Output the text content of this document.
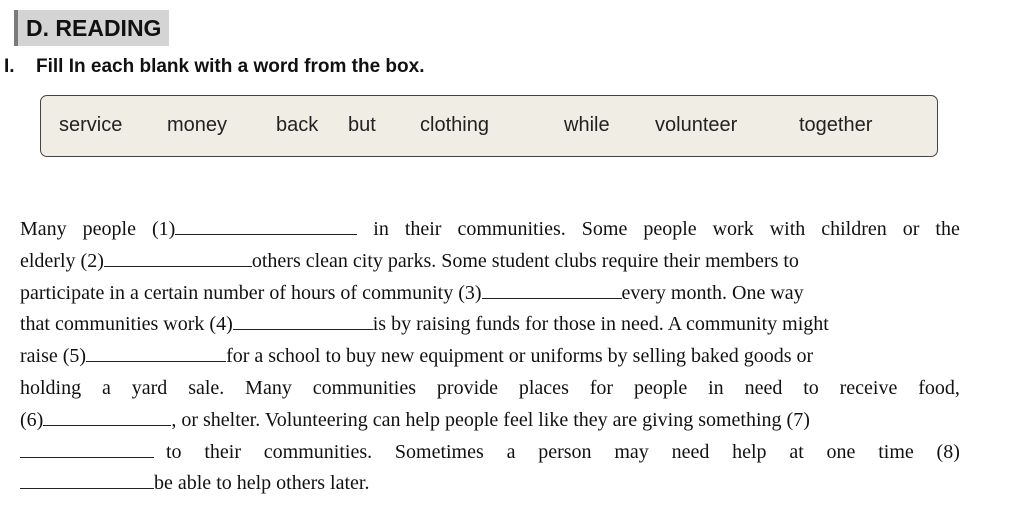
D. READING
I. Fill In each blank with a word from the box.
service money back but clothing	while volunteer	together
Many people (1)	in their communities. Some people work with children or the
elderly (2)	others clean city parks. Some student clubs require their members to
participate in a certain number of hours of community (3)	every month. One way
that communities work (4)	is by raising funds for those in need. A community might
raise (5)	for a school to buy new equipment or uniforms by selling baked goods or
holding a yard sale. Many communities provide places for people in need to receive food,
(6)	, or shelter. Volunteering can help people feel like they are giving something (7)
to their communities. Sometimes a person may need help at one time (8)
be able to help others later.
